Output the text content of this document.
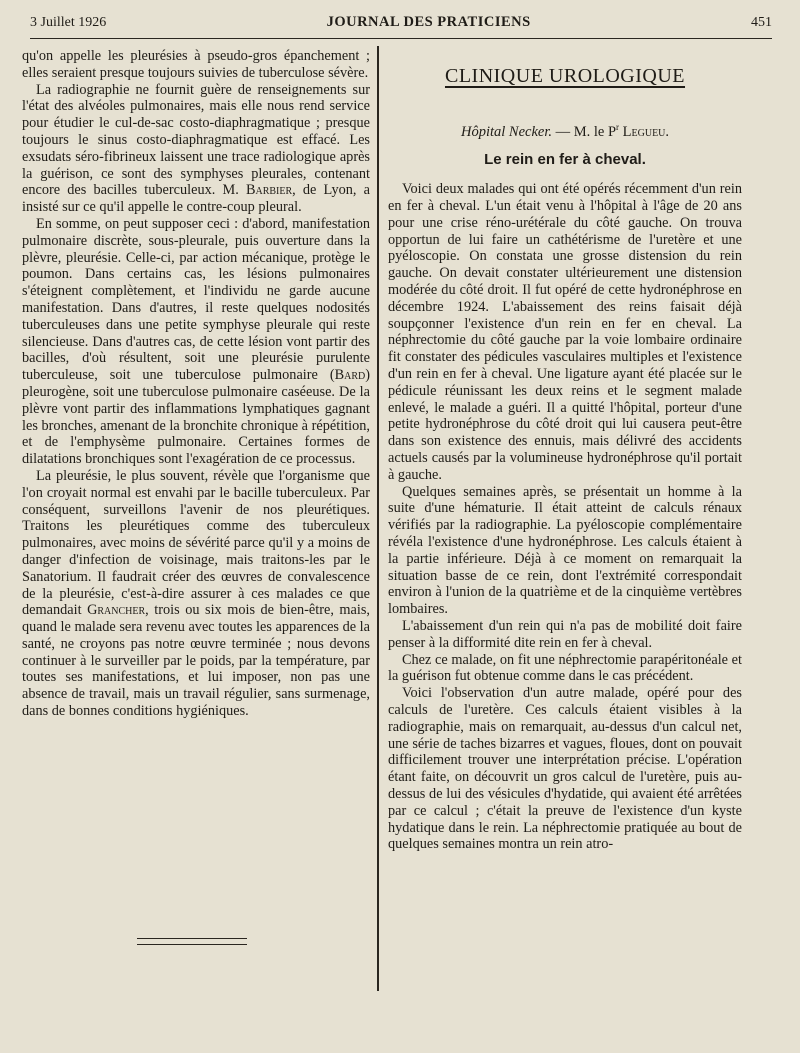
3 Juillet 1926	JOURNAL DES PRATICIENS	451

qu'on appelle les pleurésies à pseudo-gros épanchement ; elles seraient presque toujours suivies de tuberculose sévère.

La radiographie ne fournit guère de renseignements sur l'état des alvéoles pulmonaires, mais elle nous rend service pour étudier le cul-de-sac costo-diaphragmatique ; presque toujours le sinus costo-diaphragmatique est effacé. Les exsudats séro-fibrineux laissent une trace radiologique après la guérison, ce sont des symphyses pleurales, contenant encore des bacilles tuberculeux. M. Barbier, de Lyon, a insisté sur ce qu'il appelle le contre-coup pleural.

En somme, on peut supposer ceci : d'abord, manifestation pulmonaire discrète, sous-pleurale, puis ouverture dans la plèvre, pleurésie. Celle-ci, par action mécanique, protège le poumon. Dans certains cas, les lésions pulmonaires s'éteignent complètement, et l'individu ne garde aucune manifestation. Dans d'autres, il reste quelques nodosités tuberculeuses dans une petite symphyse pleurale qui reste silencieuse. Dans d'autres cas, de cette lésion vont partir des bacilles, d'où résultent, soit une pleurésie purulente tuberculeuse, soit une tuberculose pulmonaire (Bard) pleurogène, soit une tuberculose pulmonaire caséeuse. De la plèvre vont partir des inflammations lymphatiques gagnant les bronches, amenant de la bronchite chronique à répétition, et de l'emphysème pulmonaire. Certaines formes de dilatations bronchiques sont l'exagération de ce processus.

La pleurésie, le plus souvent, révèle que l'organisme que l'on croyait normal est envahi par le bacille tuberculeux. Par conséquent, surveillons l'avenir de nos pleurétiques. Traitons les pleurétiques comme des tuberculeux pulmonaires, avec moins de sévérité parce qu'il y a moins de danger d'infection de voisinage, mais traitons-les par le Sanatorium. Il faudrait créer des œuvres de convalescence de la pleurésie, c'est-à-dire assurer à ces malades ce que demandait Grancher, trois ou six mois de bien-être, mais, quand le malade sera revenu avec toutes les apparences de la santé, ne croyons pas notre œuvre terminée ; nous devons continuer à le surveiller par le poids, par la température, par toutes ses manifestations, et lui imposer, non pas une absence de travail, mais un travail régulier, sans surmenage, dans de bonnes conditions hygiéniques.

CLINIQUE UROLOGIQUE
Hôpital Necker. — M. le $P^r$ Legueu.
Le rein en fer à cheval.

Voici deux malades qui ont été opérés récemment d'un rein en fer à cheval. L'un était venu à l'hôpital à l'âge de 20 ans pour une crise réno-urétérale du côté gauche. On trouva opportun de lui faire un cathétérisme de l'uretère et une pyéloscopie. On constata une grosse distension du rein gauche. On devait constater ultérieurement une distension modérée du côté droit. Il fut opéré de cette hydronéphrose en décembre 1924. L'abaissement des reins faisait déjà soupçonner l'existence d'un rein en fer en cheval. La néphrectomie du côté gauche par la voie lombaire ordinaire fit constater des pédicules vasculaires multiples et l'existence d'un rein en fer à cheval. Une ligature ayant été placée sur le pédicule réunissant les deux reins et le segment malade enlevé, le malade a guéri. Il a quitté l'hôpital, porteur d'une petite hydronéphrose du côté droit qui lui causera peut-être dans son existence des ennuis, mais délivré des accidents actuels causés par la volumineuse hydronéphrose qu'il portait à gauche.

Quelques semaines après, se présentait un homme à la suite d'une hématurie. Il était atteint de calculs rénaux vérifiés par la radiographie. La pyéloscopie complémentaire révéla l'existence d'une hydronéphrose. Les calculs étaient à la partie inférieure. Déjà à ce moment on remarquait la situation basse de ce rein, dont l'extrémité correspondait environ à l'union de la quatrième et de la cinquième vertèbres lombaires.

L'abaissement d'un rein qui n'a pas de mobilité doit faire penser à la difformité dite rein en fer à cheval.

Chez ce malade, on fit une néphrectomie parapéritonéale et la guérison fut obtenue comme dans le cas précédent.

Voici l'observation d'un autre malade, opéré pour des calculs de l'uretère. Ces calculs étaient visibles à la radiographie, mais on remarquait, au-dessus d'un calcul net, une série de taches bizarres et vagues, floues, dont on pouvait difficilement trouver une interprétation précise. L'opération étant faite, on découvrit un gros calcul de l'uretère, puis au-dessus de lui des vésicules d'hydatide, qui avaient été arrêtées par ce calcul ; c'était la preuve de l'existence d'un kyste hydatique dans le rein. La néphrectomie pratiquée au bout de quelques semaines montra un rein atro-
